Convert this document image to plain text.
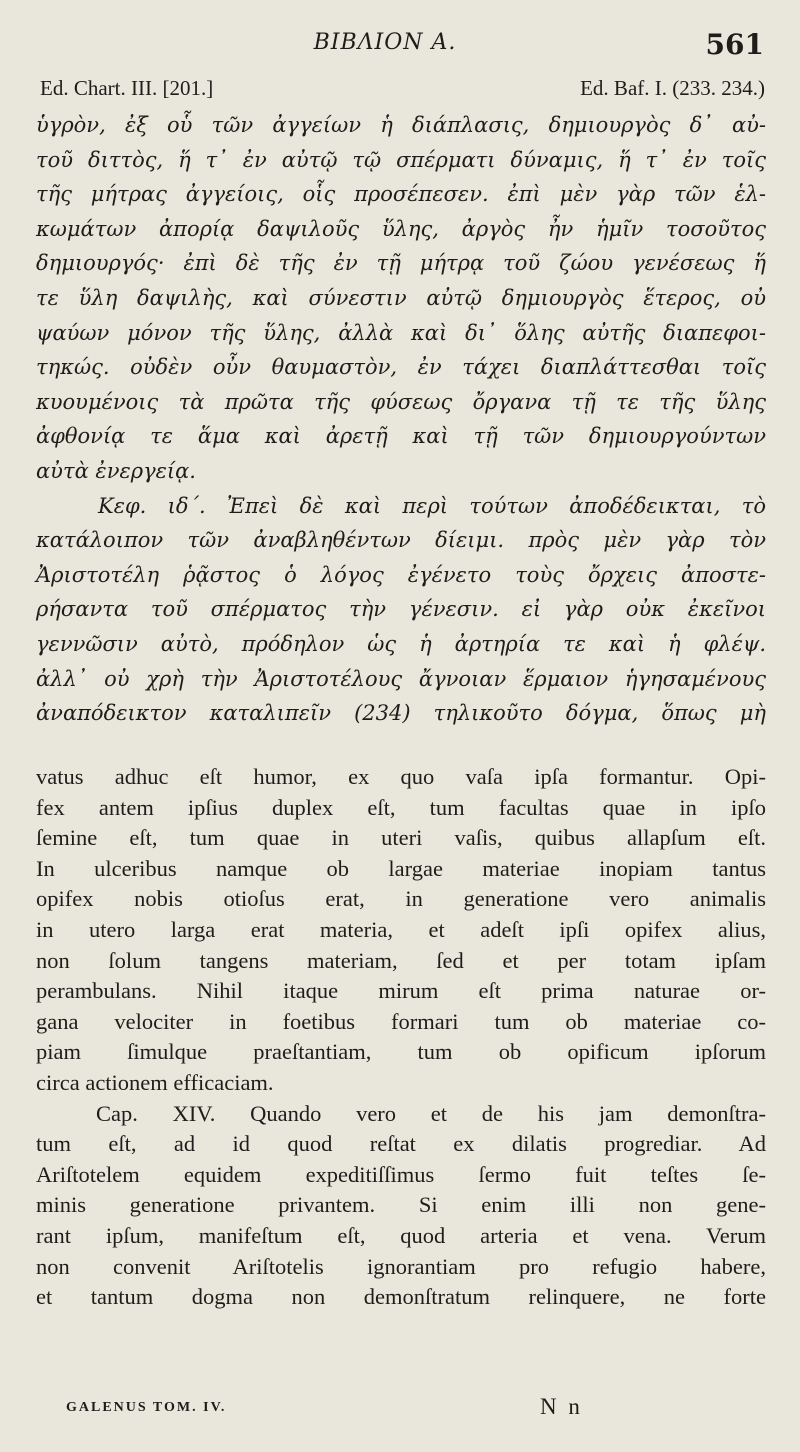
ΒΙΒΛΙΟΝ Α.	561
Ed. Chart. III. [201.]	Ed. Baf. I. (233. 234.)
ὑγρὸν, ἐξ οὗ τῶν ἀγγείων ἡ διάπλασις, δημιουργὸς δ᾽ αὐ-
τοῦ διττὸς, ἥ τ᾽ ἐν αὐτῷ τῷ σπέρματι δύναμις, ἥ τ᾽ ἐν τοῖς
τῆς μήτρας ἀγγείοις, οἷς προσέπεσεν. ἐπὶ μὲν γὰρ τῶν ἑλ-
κωμάτων ἀπορίᾳ δαψιλοῦς ὕλης, ἀργὸς ἦν ἡμῖν τοσοῦτος
δημιουργός· ἐπὶ δὲ τῆς ἐν τῇ μήτρᾳ τοῦ ζώου γενέσεως ἥ
τε ὕλη δαψιλὴς, καὶ σύνεστιν αὐτῷ δημιουργὸς ἕτερος, οὐ
ψαύων μόνον τῆς ὕλης, ἀλλὰ καὶ δι᾽ ὅλης αὐτῆς διαπεφοι-
τηκώς. οὐδὲν οὖν θαυμαστὸν, ἐν τάχει διαπλάττεσθαι τοῖς
κυουμένοις τὰ πρῶτα τῆς φύσεως ὄργανα τῇ τε τῆς ὕλης
ἀφθονίᾳ τε ἅμα καὶ ἀρετῇ καὶ τῇ τῶν δημιουργούντων
αὐτὰ ἐνεργείᾳ.
Κεφ. ιδ΄. Ἐπεὶ δὲ καὶ περὶ τούτων ἀποδέδεικται, τὸ
κατάλοιπον τῶν ἀναβληθέντων δίειμι. πρὸς μὲν γὰρ τὸν
Ἀριστοτέλη ῥᾷστος ὁ λόγος ἐγένετο τοὺς ὄρχεις ἀποστε-
ρήσαντα τοῦ σπέρματος τὴν γένεσιν. εἰ γὰρ οὐκ ἐκεῖνοι
γεννῶσιν αὐτὸ, πρόδηλον ὡς ἡ ἀρτηρία τε καὶ ἡ φλέψ.
ἀλλ᾽ οὐ χρὴ τὴν Ἀριστοτέλους ἄγνοιαν ἕρμαιον ἡγησαμένους
ἀναπόδεικτον καταλιπεῖν (234) τηλικοῦτο δόγμα, ὅπως μὴ
vatus adhuc eſt humor, ex quo vaſa ipſa formantur. Opi-
fex antem ipſius duplex eſt, tum facultas quae in ipſo
ſemine eſt, tum quae in uteri vaſis, quibus allapſum eſt.
In ulceribus namque ob largae materiae inopiam tantus
opifex nobis otioſus erat, in generatione vero animalis
in utero larga erat materia, et adeſt ipſi opifex alius,
non ſolum tangens materiam, ſed et per totam ipſam
perambulans. Nihil itaque mirum eſt prima naturae or-
gana velociter in foetibus formari tum ob materiae co-
piam ſimulque praeſtantiam, tum ob opificum ipſorum
circa actionem efficaciam.
Cap. XIV. Quando vero et de his jam demonſtra-
tum eſt, ad id quod reſtat ex dilatis progrediar. Ad
Ariſtotelem equidem expeditiſſimus ſermo fuit teſtes ſe-
minis generatione privantem. Si enim illi non gene-
rant ipſum, manifeſtum eſt, quod arteria et vena. Verum
non convenit Ariſtotelis ignorantiam pro refugio habere,
et tantum dogma non demonſtratum relinquere, ne forte
GALENUS TOM. IV.	N n
